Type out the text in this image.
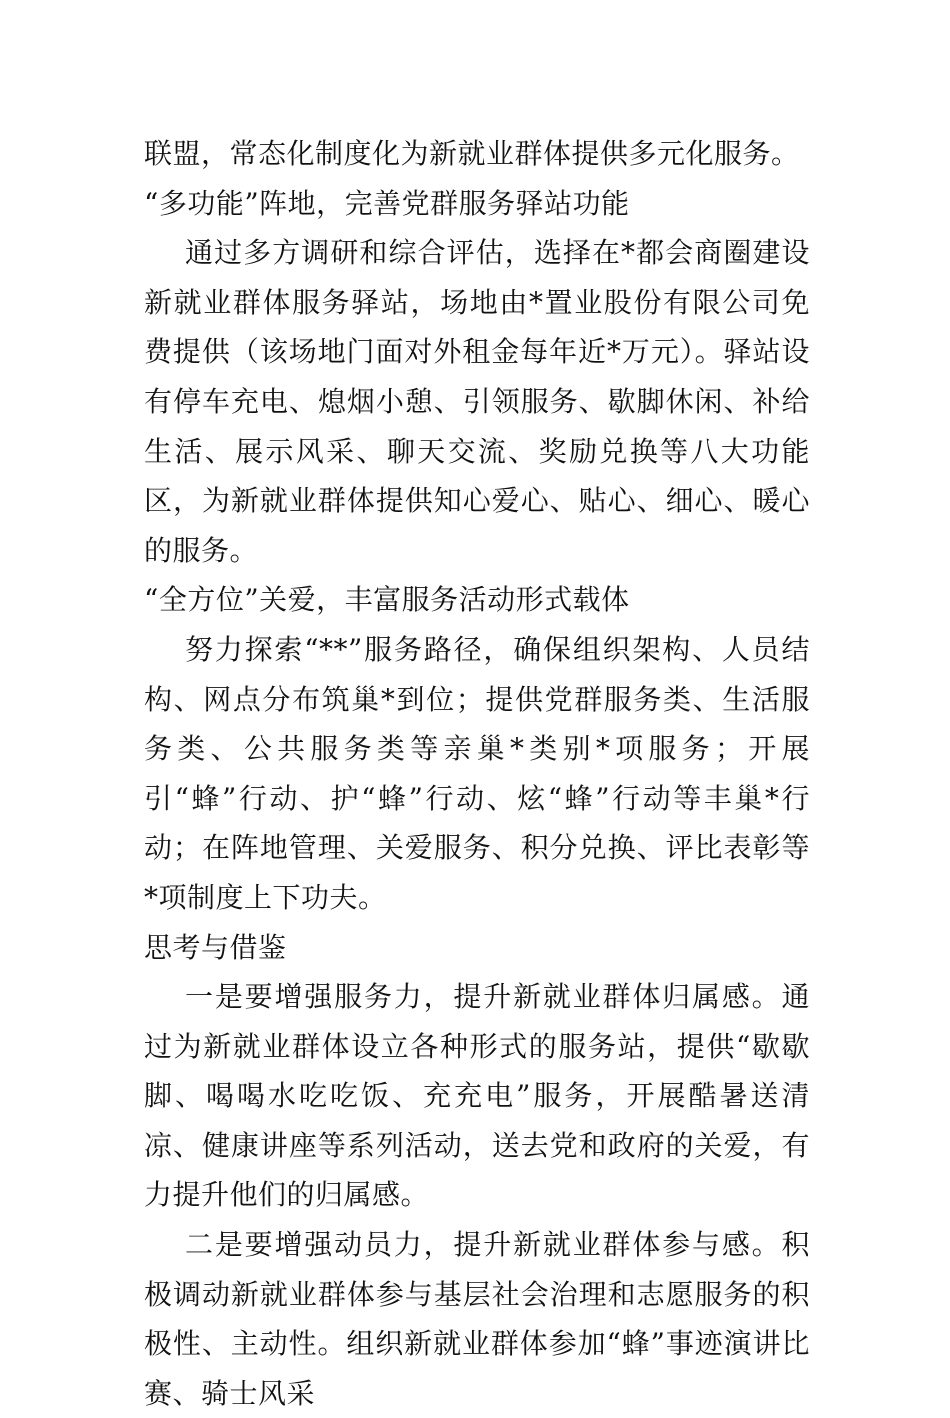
联盟，常态化制度化为新就业群体提供多元化服务。

“多功能”阵地，完善党群服务驿站功能

通过多方调研和综合评估，选择在*都会商圈建设新就业群体服务驿站，场地由*置业股份有限公司免费提供（该场地门面对外租金每年近*万元）。驿站设有停车充电、熄烟小憩、引领服务、歇脚休闲、补给生活、展示风采、聊天交流、奖励兑换等八大功能区，为新就业群体提供知心爱心、贴心、细心、暖心的服务。

“全方位”关爱，丰富服务活动形式载体

努力探索“**”服务路径，确保组织架构、人员结构、网点分布筑巢*到位；提供党群服务类、生活服务类、公共服务类等亲巢*类别*项服务；开展引“蜂”行动、护“蜂”行动、炫“蜂”行动等丰巢*行动；在阵地管理、关爱服务、积分兑换、评比表彰等*项制度上下功夫。

思考与借鉴

一是要增强服务力，提升新就业群体归属感。通过为新就业群体设立各种形式的服务站，提供“歇歇脚、喝喝水吃吃饭、充充电”服务，开展酷暑送清凉、健康讲座等系列活动，送去党和政府的关爱，有力提升他们的归属感。

二是要增强动员力，提升新就业群体参与感。积极调动新就业群体参与基层社会治理和志愿服务的积极性、主动性。组织新就业群体参加“蜂”事迹演讲比赛、骑士风采
